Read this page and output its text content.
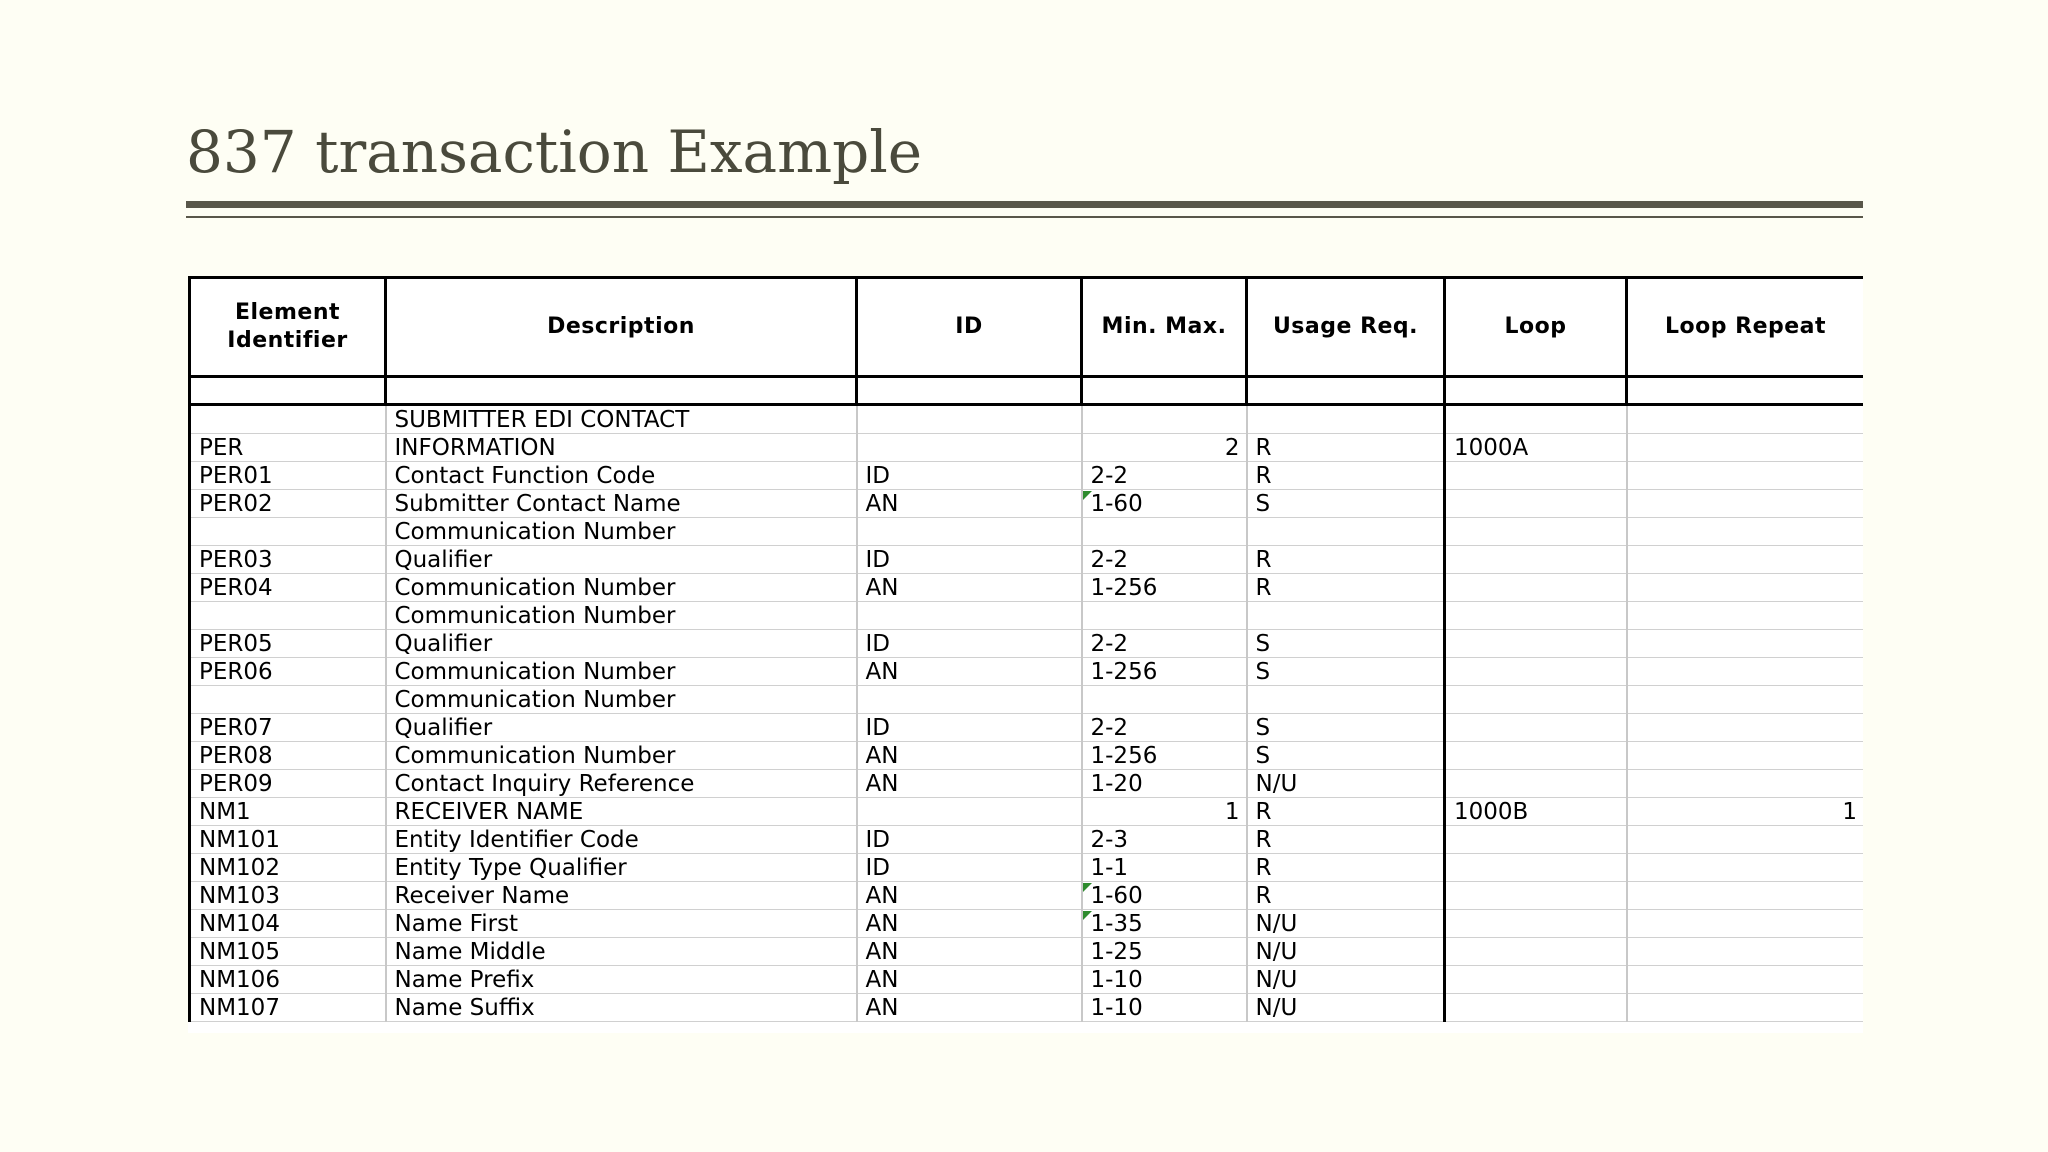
837 transaction Example
Element Identifier	Description	ID	Min. Max.	Usage Req.	Loop	Loop Repeat

	SUBMITTER EDI CONTACT					
PER	INFORMATION		2	R	1000A	
PER01	Contact Function Code	ID	2-2	R		
PER02	Submitter Contact Name	AN	1-60	S		
	Communication Number					
PER03	Qualifier	ID	2-2	R		
PER04	Communication Number	AN	1-256	R		
	Communication Number					
PER05	Qualifier	ID	2-2	S		
PER06	Communication Number	AN	1-256	S		
	Communication Number					
PER07	Qualifier	ID	2-2	S		
PER08	Communication Number	AN	1-256	S		
PER09	Contact Inquiry Reference	AN	1-20	N/U		
NM1	RECEIVER NAME		1	R	1000B	1
NM101	Entity Identifier Code	ID	2-3	R		
NM102	Entity Type Qualifier	ID	1-1	R		
NM103	Receiver Name	AN	1-60	R		
NM104	Name First	AN	1-35	N/U		
NM105	Name Middle	AN	1-25	N/U		
NM106	Name Prefix	AN	1-10	N/U		
NM107	Name Suffix	AN	1-10	N/U		
